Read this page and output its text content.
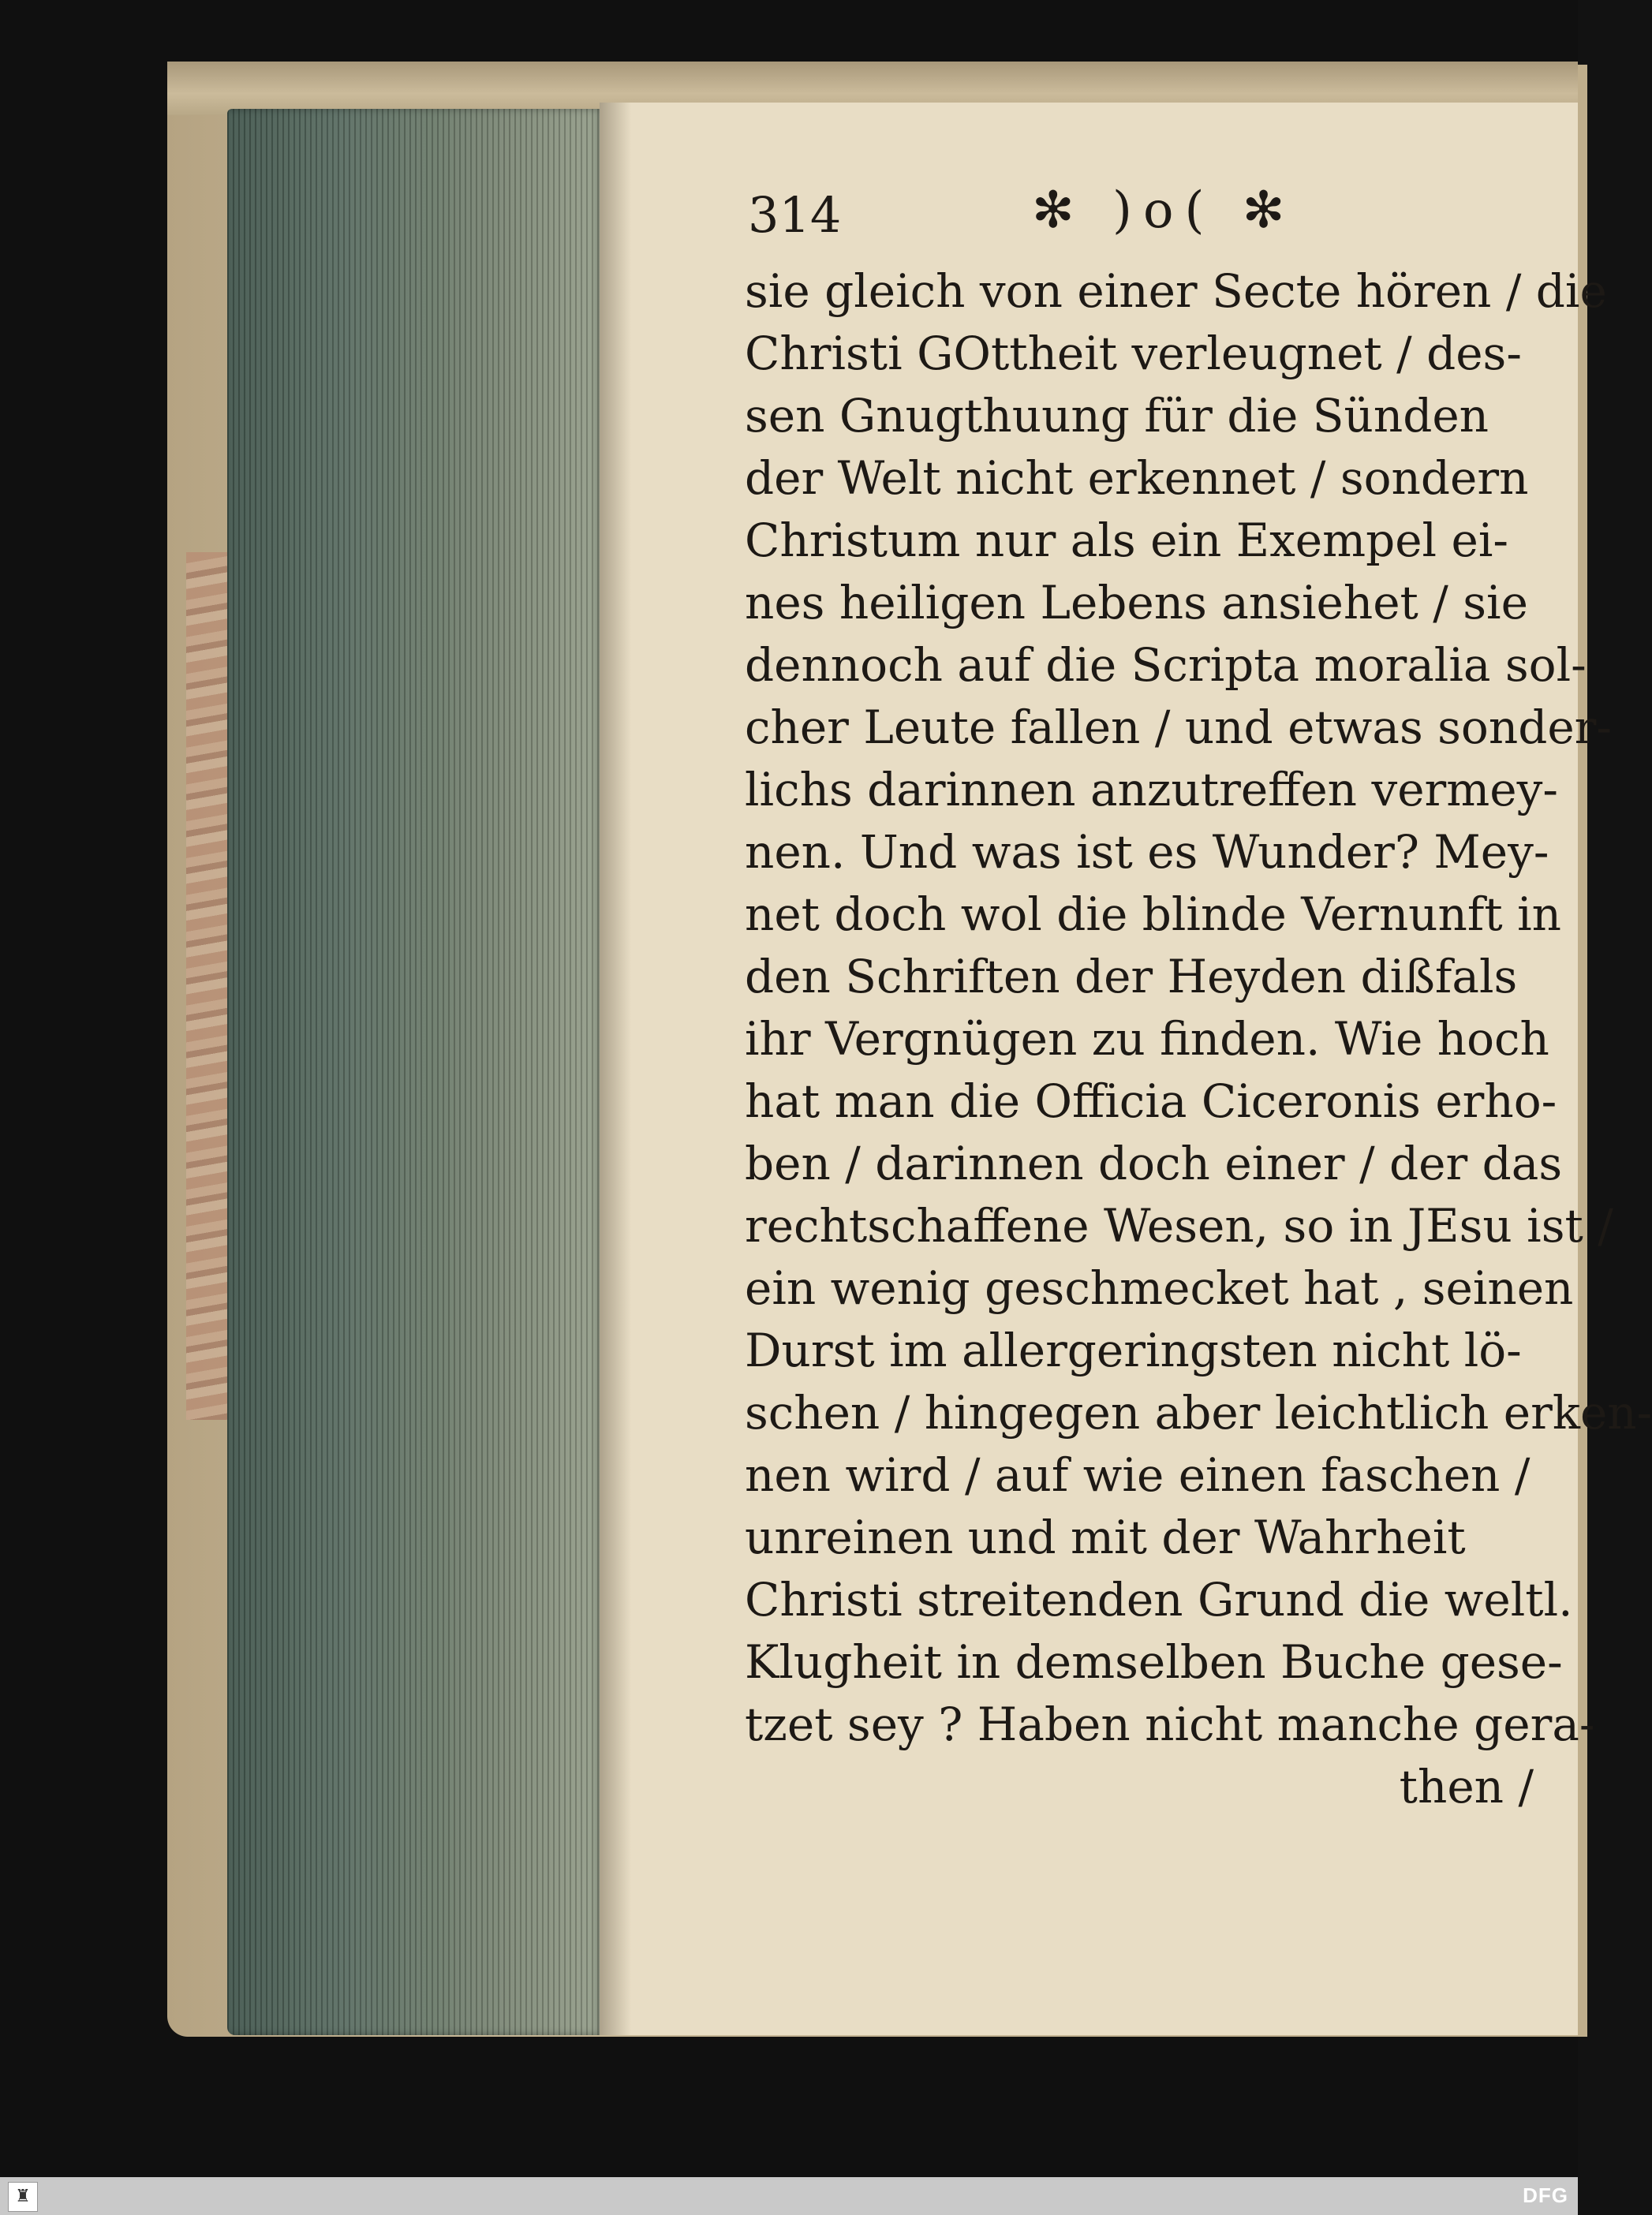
314	✻ )o( ✻
sie gleich von einer Secte hören / die
Christi GOttheit verleugnet / des-
sen Gnugthuung für die Sünden
der Welt nicht erkennet / sondern
Christum nur als ein Exempel ei-
nes heiligen Lebens ansiehet / sie
dennoch auf die Scripta moralia sol-
cher Leute fallen / und etwas sonder-
lichs darinnen anzutreffen vermey-
nen. Und was ist es Wunder? Mey-
net doch wol die blinde Vernunft in
den Schriften der Heyden dißfals
ihr Vergnügen zu finden. Wie hoch
hat man die Officia Ciceronis erho-
ben / darinnen doch einer / der das
rechtschaffene Wesen, so in JEsu ist /
ein wenig geschmecket hat , seinen
Durst im allergeringsten nicht lö-
schen / hingegen aber leichtlich erken-
nen wird / auf wie einen faschen /
unreinen und mit der Wahrheit
Christi streitenden Grund die weltl.
Klugheit in demselben Buche gese-
tzet sey ? Haben nicht manche gera-
then /
♜	DFG
